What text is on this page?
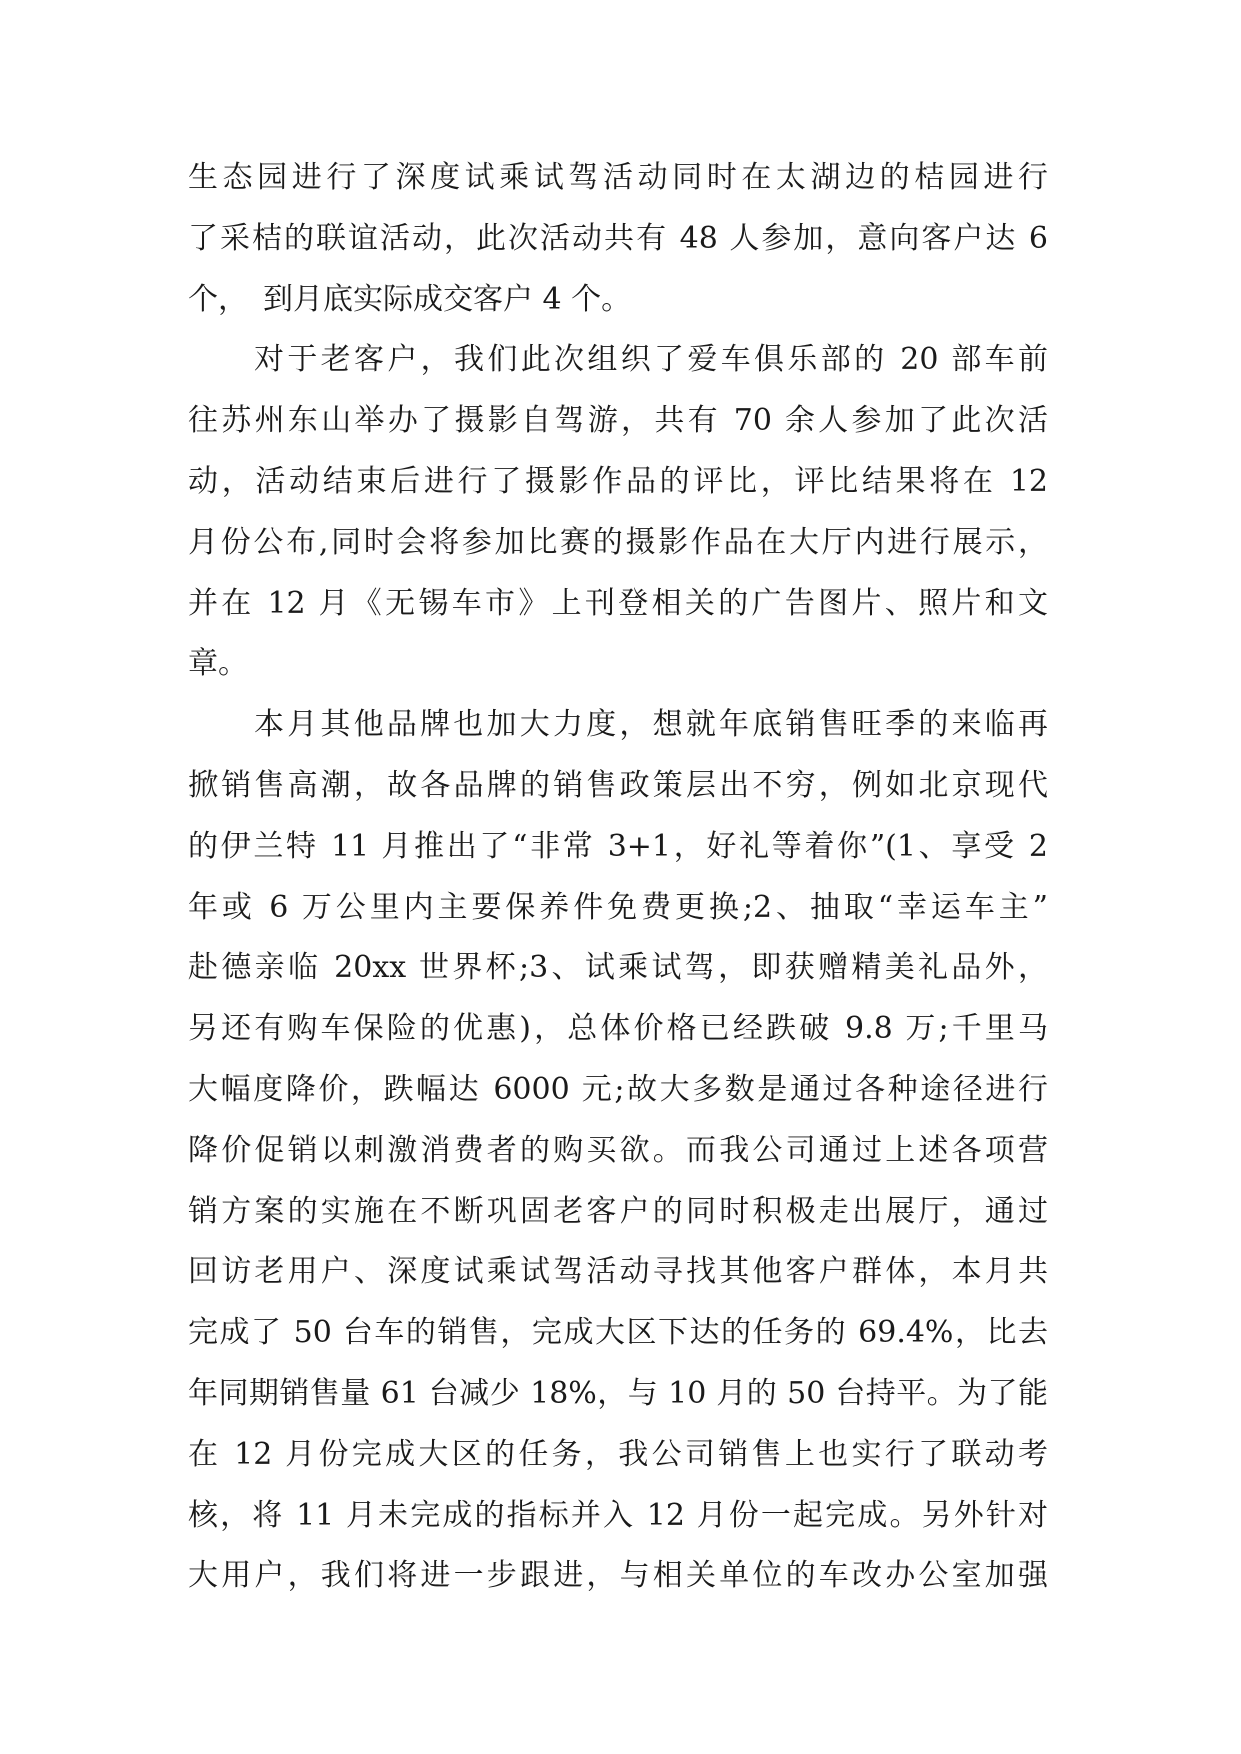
生态园进行了深度试乘试驾活动同时在太湖边的桔园进行
了采桔的联谊活动，此次活动共有 48 人参加，意向客户达 6
个，　到月底实际成交客户 4 个。
对于老客户，我们此次组织了爱车俱乐部的 20 部车前
往苏州东山举办了摄影自驾游，共有 70 余人参加了此次活
动，活动结束后进行了摄影作品的评比，评比结果将在 12
月份公布,同时会将参加比赛的摄影作品在大厅内进行展示，
并在 12 月《无锡车市》上刊登相关的广告图片、照片和文
章。
本月其他品牌也加大力度，想就年底销售旺季的来临再
掀销售高潮，故各品牌的销售政策层出不穷，例如北京现代
的伊兰特 11 月推出了“非常 3+1，好礼等着你”(1、享受 2
年或 6 万公里内主要保养件免费更换;2、抽取“幸运车主”
赴德亲临 20xx 世界杯;3、试乘试驾，即获赠精美礼品外，
另还有购车保险的优惠)，总体价格已经跌破 9.8 万;千里马
大幅度降价，跌幅达 6000 元;故大多数是通过各种途径进行
降价促销以刺激消费者的购买欲。而我公司通过上述各项营
销方案的实施在不断巩固老客户的同时积极走出展厅，通过
回访老用户、深度试乘试驾活动寻找其他客户群体，本月共
完成了 50 台车的销售，完成大区下达的任务的 69.4%，比去
年同期销售量 61 台减少 18%，与 10 月的 50 台持平。为了能
在 12 月份完成大区的任务，我公司销售上也实行了联动考
核，将 11 月未完成的指标并入 12 月份一起完成。另外针对
大用户，我们将进一步跟进，与相关单位的车改办公室加强
